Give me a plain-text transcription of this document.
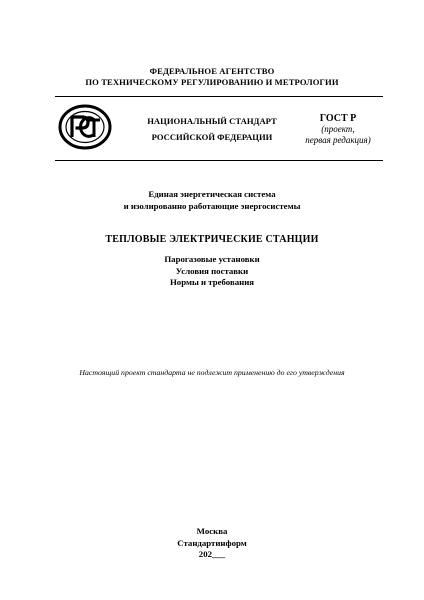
ФЕДЕРАЛЬНОЕ АГЕНТСТВО
ПО ТЕХНИЧЕСКОМУ РЕГУЛИРОВАНИЮ И МЕТРОЛОГИИ
НАЦИОНАЛЬНЫЙ СТАНДАРТ
РОССИЙСКОЙ ФЕДЕРАЦИИ
ГОСТ Р
(проект,
первая редакция)
Единая энергетическая система
и изолированно работающие энергосистемы
ТЕПЛОВЫЕ ЭЛЕКТРИЧЕСКИЕ СТАНЦИИ
Парогазовые установки
Условия поставки
Нормы и требования
Настоящий проект стандарта не подлежит применению до его утверждения
Москва
Стандартинформ
202___
